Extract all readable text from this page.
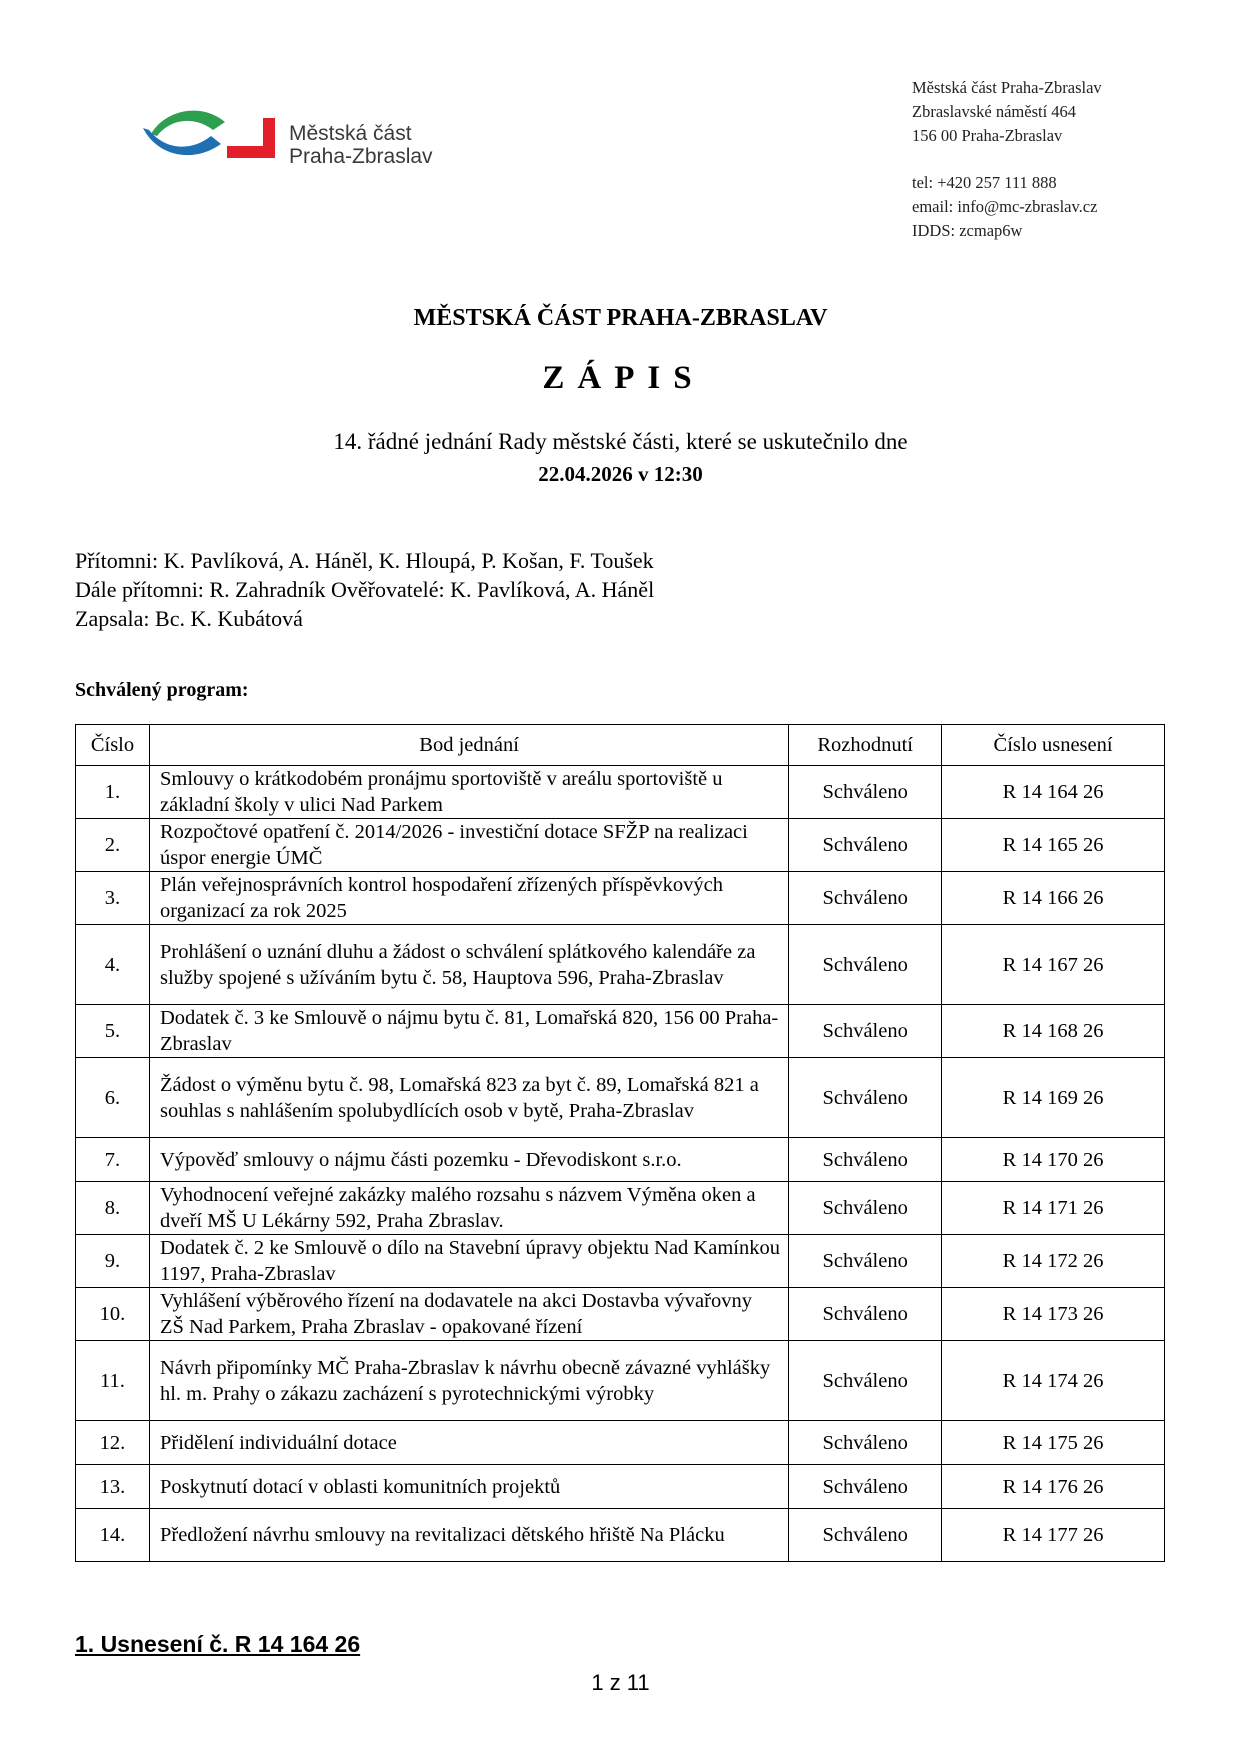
Městská část
Praha-Zbraslav
Městská část Praha-Zbraslav
Zbraslavské náměstí 464
156 00 Praha-Zbraslav
tel: +420 257 111 888
email: info@mc-zbraslav.cz
IDDS: zcmap6w
MĚSTSKÁ ČÁST PRAHA-ZBRASLAV
ZÁPIS
14. řádné jednání Rady městské části, které se uskutečnilo dne
22.04.2026 v 12:30
Přítomni: K. Pavlíková, A. Háněl, K. Hloupá, P. Košan, F. Toušek
Dále přítomni: R. Zahradník Ověřovatelé: K. Pavlíková, A. Háněl
Zapsala: Bc. K. Kubátová
Schválený program:
Číslo	Bod jednání	Rozhodnutí	Číslo usnesení
1.	Smlouvy o krátkodobém pronájmu sportoviště v areálu sportoviště u základní školy v ulici Nad Parkem	Schváleno	R 14 164 26
2.	Rozpočtové opatření č. 2014/2026 - investiční dotace SFŽP na realizaci úspor energie ÚMČ	Schváleno	R 14 165 26
3.	Plán veřejnosprávních kontrol hospodaření zřízených příspěvkových organizací za rok 2025	Schváleno	R 14 166 26
4.	Prohlášení o uznání dluhu a žádost o schválení splátkového kalendáře za služby spojené s užíváním bytu č. 58, Hauptova 596, Praha-Zbraslav	Schváleno	R 14 167 26
5.	Dodatek č. 3 ke Smlouvě o nájmu bytu č. 81, Lomařská 820, 156 00 Praha-Zbraslav	Schváleno	R 14 168 26
6.	Žádost o výměnu bytu č. 98, Lomařská 823 za byt č. 89, Lomařská 821 a souhlas s nahlášením spolubydlících osob v bytě, Praha-Zbraslav	Schváleno	R 14 169 26
7.	Výpověď smlouvy o nájmu části pozemku - Dřevodiskont s.r.o.	Schváleno	R 14 170 26
8.	Vyhodnocení veřejné zakázky malého rozsahu s názvem Výměna oken a dveří MŠ U Lékárny 592, Praha Zbraslav.	Schváleno	R 14 171 26
9.	Dodatek č. 2 ke Smlouvě o dílo na Stavební úpravy objektu Nad Kamínkou 1197, Praha-Zbraslav	Schváleno	R 14 172 26
10.	Vyhlášení výběrového řízení na dodavatele na akci Dostavba vývařovny ZŠ Nad Parkem, Praha Zbraslav - opakované řízení	Schváleno	R 14 173 26
11.	Návrh připomínky MČ Praha-Zbraslav k návrhu obecně závazné vyhlášky hl. m. Prahy o zákazu zacházení s pyrotechnickými výrobky	Schváleno	R 14 174 26
12.	Přidělení individuální dotace	Schváleno	R 14 175 26
13.	Poskytnutí dotací v oblasti komunitních projektů	Schváleno	R 14 176 26
14.	Předložení návrhu smlouvy na revitalizaci dětského hřiště Na Plácku	Schváleno	R 14 177 26
1. Usnesení č. R 14 164 26
1 z 11
